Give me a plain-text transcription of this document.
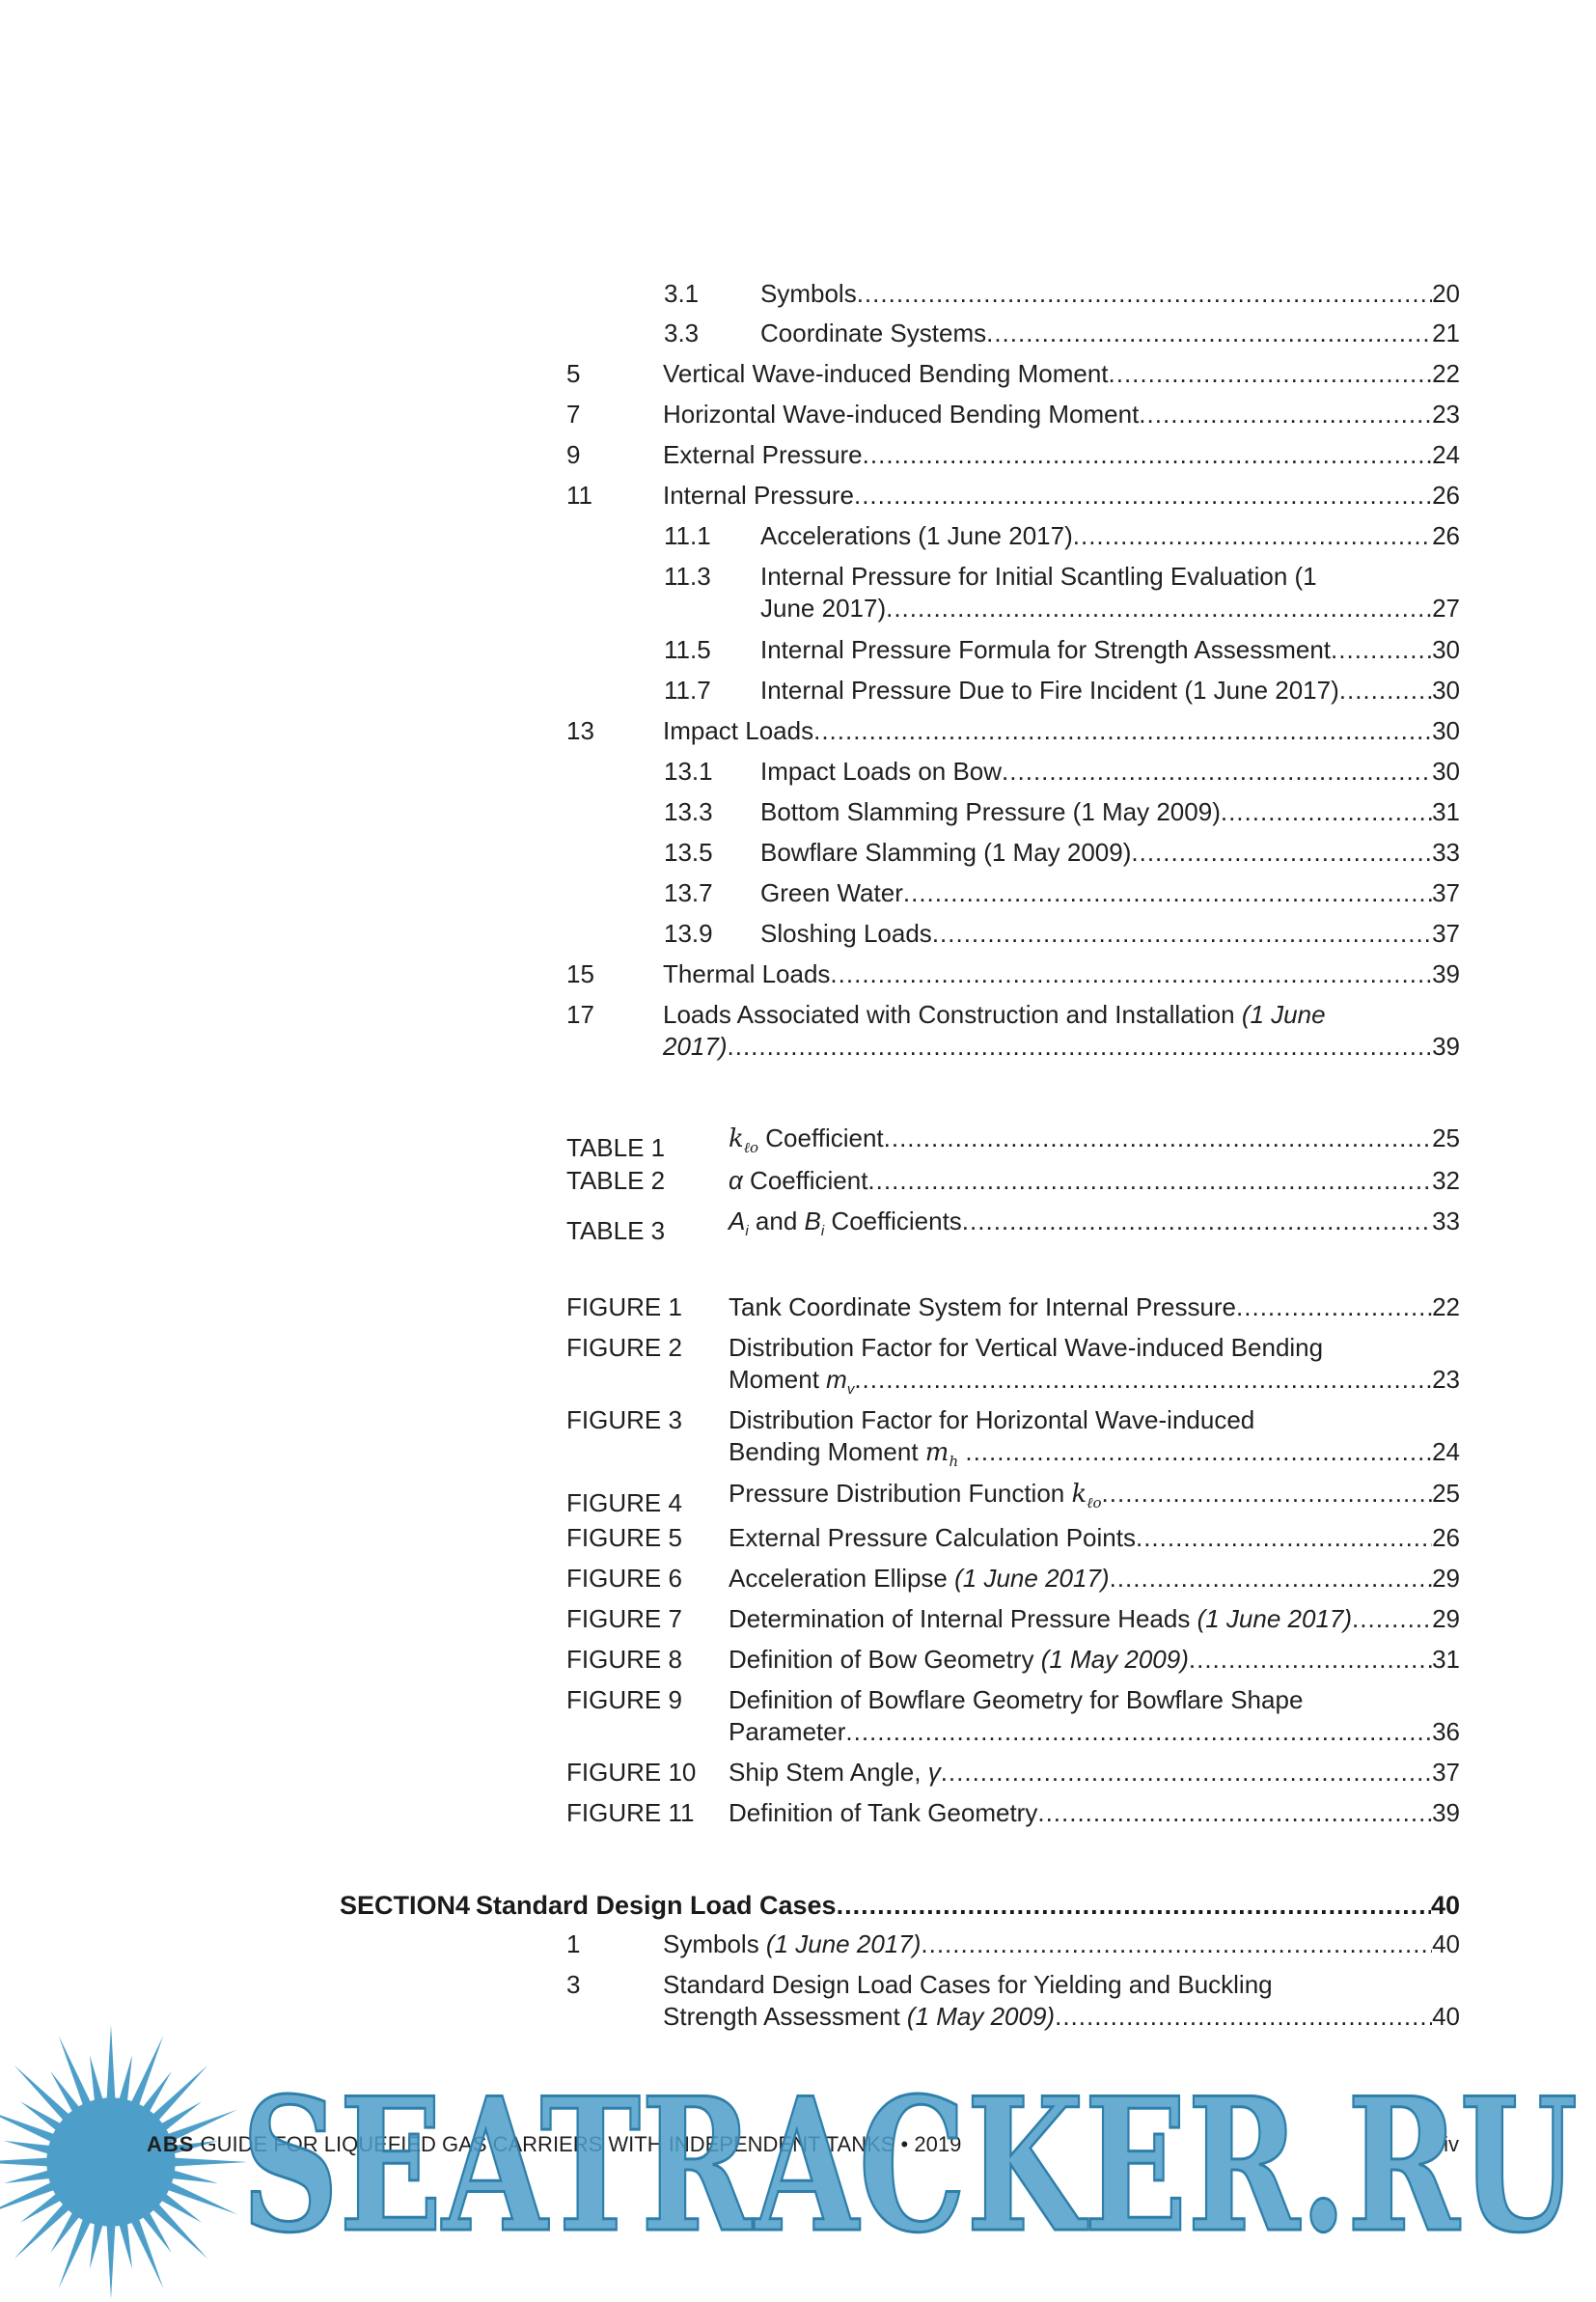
3.1	Symbols .....	20
3.3	Coordinate Systems .....	21
5	Vertical Wave-induced Bending Moment .....	22
7	Horizontal Wave-induced Bending Moment .....	23
9	External Pressure .....	24
11	Internal Pressure .....	26
11.1	Accelerations (1 June 2017) .....	26
11.3	Internal Pressure for Initial Scantling Evaluation (1
June 2017) .....	27
11.5	Internal Pressure Formula for Strength Assessment .....	30
11.7	Internal Pressure Due to Fire Incident (1 June 2017) .....	30
13	Impact Loads .....	30
13.1	Impact Loads on Bow .....	30
13.3	Bottom Slamming Pressure (1 May 2009) .....	31
13.5	Bowflare Slamming (1 May 2009) .....	33
13.7	Green Water .....	37
13.9	Sloshing Loads .....	37
15	Thermal Loads .....	39
17	Loads Associated with Construction and Installation (1 June
2017) .....	39
TABLE 1	$k_{\ell o}$ Coefficient .....	25
TABLE 2	α Coefficient .....	32
TABLE 3	$A_i$ and $B_i$ Coefficients .....	33
FIGURE 1	Tank Coordinate System for Internal Pressure .....	22
FIGURE 2	Distribution Factor for Vertical Wave-induced Bending
Moment $m_v$ .....	23
FIGURE 3	Distribution Factor for Horizontal Wave-induced
Bending Moment $m_h$ .....	24
FIGURE 4	Pressure Distribution Function $k_{\ell o}$ .....	25
FIGURE 5	External Pressure Calculation Points .....	26
FIGURE 6	Acceleration Ellipse (1 June 2017) .....	29
FIGURE 7	Determination of Internal Pressure Heads (1 June 2017) .....	29
FIGURE 8	Definition of Bow Geometry (1 May 2009) .....	31
FIGURE 9	Definition of Bowflare Geometry for Bowflare Shape
Parameter .....	36
FIGURE 10	Ship Stem Angle, γ .....	37
FIGURE 11	Definition of Tank Geometry .....	39
SECTION 4 Standard Design Load Cases .....	40
1	Symbols (1 June 2017) .....	40
3	Standard Design Load Cases for Yielding and Buckling
Strength Assessment (1 May 2009) .....	40
ABS GUIDE FOR LIQUEFIED GAS CARRIERS WITH INDEPENDENT TANKS • 2019	iv
SEATRACKER.RU
